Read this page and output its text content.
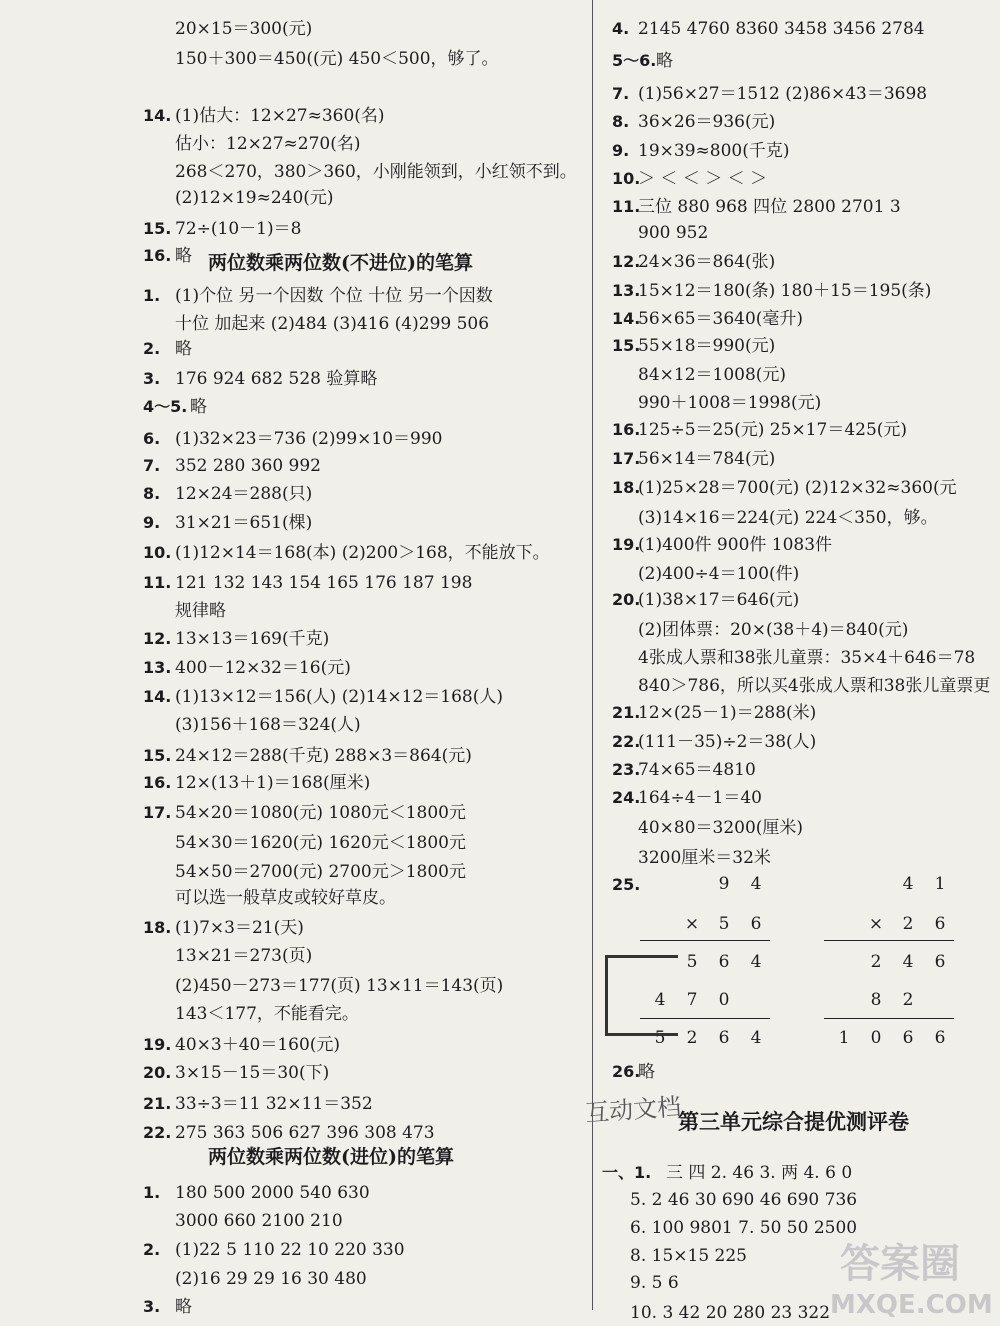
20×15＝300(元)
150＋300＝450((元) 450＜500，够了。
14. (1)估大：12×27≈360(名)
估小：12×27≈270(名)
268＜270，380＞360，小刚能领到，小红领不到。
(2)12×19≈240(元)
15. 72÷(10－1)＝8
16. 略
1. (1)个位 另一个因数 个位 十位 另一个因数
十位 加起来 (2)484 (3)416 (4)299 506
2. 略
3. 176 924 682 528 验算略
4～5. 略
6. (1)32×23＝736 (2)99×10＝990
7. 352 280 360 992
8. 12×24＝288(只)
9. 31×21＝651(棵)
10. (1)12×14＝168(本) (2)200＞168，不能放下。
11. 121 132 143 154 165 176 187 198
规律略
12. 13×13＝169(千克)
13. 400－12×32＝16(元)
14. (1)13×12＝156(人) (2)14×12＝168(人)
(3)156＋168＝324(人)
15. 24×12＝288(千克) 288×3＝864(元)
16. 12×(13＋1)＝168(厘米)
17. 54×20＝1080(元) 1080元＜1800元
54×30＝1620(元) 1620元＜1800元
54×50＝2700(元) 2700元＞1800元
可以选一般草皮或较好草皮。
18. (1)7×3＝21(天)
13×21＝273(页)
(2)450－273＝177(页) 13×11＝143(页)
143＜177，不能看完。
19. 40×3＋40＝160(元)
20. 3×15－15＝30(下)
21. 33÷3＝11 32×11＝352
22. 275 363 506 627 396 308 473
1. 180 500 2000 540 630
3000 660 2100 210
2. (1)22 5 110 22 10 220 330
(2)16 29 29 16 30 480
3. 略
两位数乘两位数(不进位)的笔算
两位数乘两位数(进位)的笔算
4. 2145 4760 8360 3458 3456 2784
5～6. 略
7. (1)56×27＝1512 (2)86×43＝3698
8. 36×26＝936(元)
9. 19×39≈800(千克)
10.
＞ ＜ ＜ ＞ ＜ ＞
11.
三位 880 968 四位 2800 2701 3
900 952
12.
24×36＝864(张)
13.
15×12＝180(条) 180＋15＝195(条)
14.
56×65＝3640(毫升)
15.
55×18＝990(元)
84×12＝1008(元)
990＋1008＝1998(元)
16.
125÷5＝25(元) 25×17＝425(元)
17.
56×14＝784(元)
18.
(1)25×28＝700(元) (2)12×32≈360(元
(3)14×16＝224(元) 224＜350，够。
19.
(1)400件 900件 1083件
(2)400÷4＝100(件)
20.
(1)38×17＝646(元)
(2)团体票：20×(38＋4)＝840(元)
4张成人票和38张儿童票：35×4＋646＝78
840＞786，所以买4张成人票和38张儿童票更
21.
12×(25－1)＝288(米)
22.
(111－35)÷2＝38(人)
23.
74×65＝4810
24.
164÷4－1＝40
40×80＝3200(厘米)
3200厘米＝32米
25.	9 4
× 5 6
5 6 4
4 7 0
5 2 6 4
4 1
× 2 6
2 4 6
8 2
1 0 6 6
26.
略
第三单元综合提优测评卷
一、1. 三 四 2. 46 3. 两 4. 6 0
5. 2 46 30 690 46 690 736
6. 100 9801 7. 50 50 2500
8. 15×15 225
9. 5 6
10. 3 42 20 280 23 322
互动文档
答案圈
MXQE.COM
